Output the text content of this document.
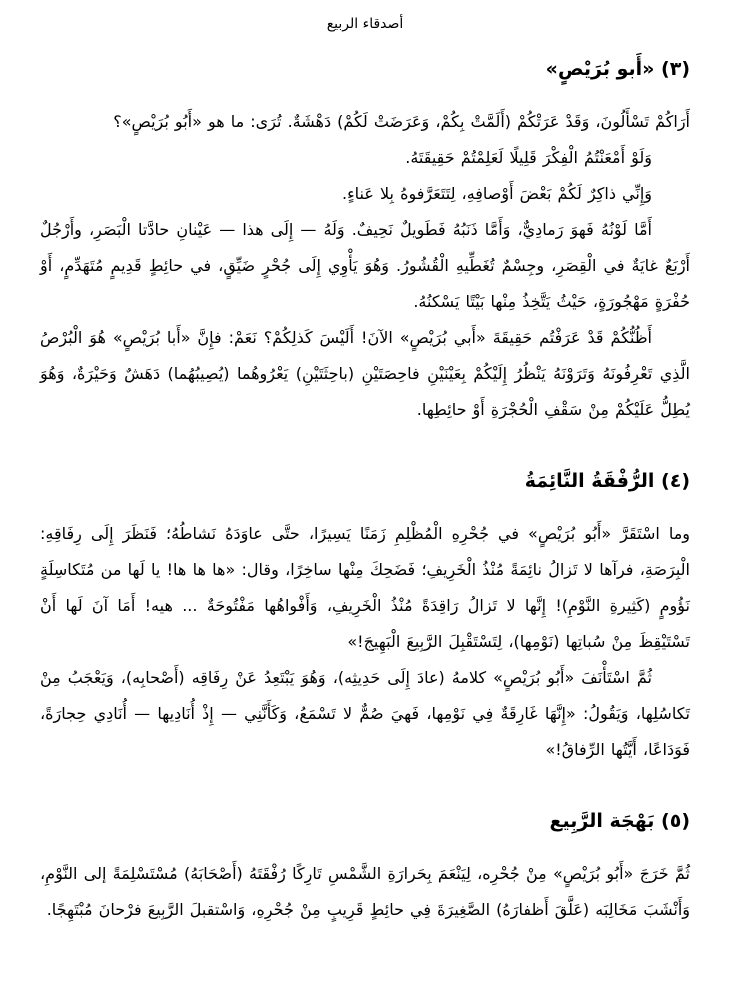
أصدقاء الربيع
(٣) «أَبو بُرَيْصٍ»

أَرَاكُمْ تَسْأَلُونَ، وَقَدْ عَرَتْكُمْ (أَلَمَّتْ بِكُمْ، وَعَرَضَتْ لَكُمْ) دَهْشَةٌ. تُرَى: ما هو «أَبُو بُرَيْصٍ»؟

وَلَوْ أَمْعَنْتُمُ الْفِكْرَ قَلِيلًا لَعَلِمْتُمْ حَقِيقَتَهُ.

وَإِنِّي ذاكِرٌ لَكُمْ بَعْضَ أَوْصافِهِ، لِتَتَعَرَّفوهُ بِلا عَناءٍ.

أَمَّا لَوْنُهُ فَهوَ رَمادِيٌّ، وَأَمَّا ذَنَبُهُ فَطَويلٌ نَحِيفٌ. وَلَهُ — إِلَى هذا — عَيْنانِ حادَّتا الْبَصَرِ، وأَرْجُلٌ أَرْبَعٌ غايَةٌ في الْقِصَرِ، وجِسْمٌ تُغَطِّيهِ الْقُشُورُ. وَهُوَ يَأْوِي إِلَى جُحْرٍ ضَيِّقٍ، في حائِطٍ قَدِيمٍ مُتَهَدِّمٍ، أَوْ حُفْرَةٍ مَهْجُورَةٍ، حَيْثُ يَتَّخِذُ مِنْها بَيْتًا يَسْكنُهُ.

أَظُنُّكُمْ قَدْ عَرَفْتُم حَقِيقَةَ «أَبي بُرَيْصٍ» الآنَ! أَلَيْسَ كَذلِكُمْ؟ نَعَمْ: فإِنَّ «أَبا بُرَيْصٍ» هُوَ الْبُرْصُ الَّذِي تَعْرِفُونَهُ وَتَرَوْنَهُ يَنْظُرُ إِلَيْكُمْ بِعَيْنَيْنِ فاحِصَتَيْنِ (باحِثَتَيْنِ) يَعْرُوهُما (يُصِيبُهُما) دَهَشٌ وَحَيْرَةٌ، وَهُوَ يُطِلُّ عَلَيْكُمْ مِنْ سَقْفِ الْحُجْرَةِ أَوْ حائِطِها.

(٤) الرُّفْقَةُ النَّائِمَةُ

وما اسْتَقَرَّ «أَبُو بُرَيْصٍ» في جُحْرِهِ الْمُظْلِمِ زَمَنًا يَسِيرًا، حتَّى عاوَدَهُ نَشاطُهُ؛ فَنَظَرَ إِلَى رِفَاقِهِ: الْبِرَصَةِ، فرآها لا تَزالُ نائِمَةً مُنْذُ الْخَرِيفِ؛ فَضَحِكَ مِنْها ساخِرًا، وقال: «ها ها ها! يا لَها من مُتَكاسِلَةٍ نَؤُومٍ (كَثِيرةِ النَّوْمِ)! إِنَّها لا تَزالُ رَاقِدَةً مُنْذُ الْخَرِيفِ، وَأَفْواهُها مَفْتُوحَةٌ ... هيه! أَمَا آنَ لَها أَنْ تَسْتَيْقِظَ مِنْ سُباتِها (نَوْمِها)، لِتَسْتَقْبِلَ الرَّبِيعَ الْبَهِيجَ!»

ثُمَّ اسْتَأْنَفَ «أَبُو بُرَيْصٍ» كلامهُ (عادَ إِلَى حَدِيثِه)، وَهُوَ يَبْتَعِدُ عَنْ رِفَاقِه (أَصْحابِه)، وَيَعْجَبُ مِنْ تَكاسُلِها، وَيَقُولُ: «إِنَّهَا غَارِقَةٌ فِي نَوْمِها، فَهيَ صُمٌّ لا تَسْمَعُ، وَكَأَنَّنِي — إِذْ أُنَادِيها — أُنَادِي حِجارَةً، فَوَدَاعًا، أَيَّتُها الرِّفاقُ!»

(٥) بَهْجَة الرَّبِيع

ثُمَّ خَرَجَ «أَبُو بُرَيْصٍ» مِنْ جُحْرِه، لِيَنْعَمَ بِحَرارَةِ الشَّمْسِ تَارِكًا رُفْقَتَهُ (أَصْحَابَهُ) مُسْتَسْلِمَةً إلى النَّوْمِ، وَأَنْشَبَ مَخَالِبَه (عَلَّقَ أَظفارَهُ) الصَّغِيرَةَ فِي حائِطٍ قَرِيبٍ مِنْ جُحْرِهِ، وَاسْتقبلَ الرَّبِيعَ فرْحانَ مُبْتَهِجًا.
